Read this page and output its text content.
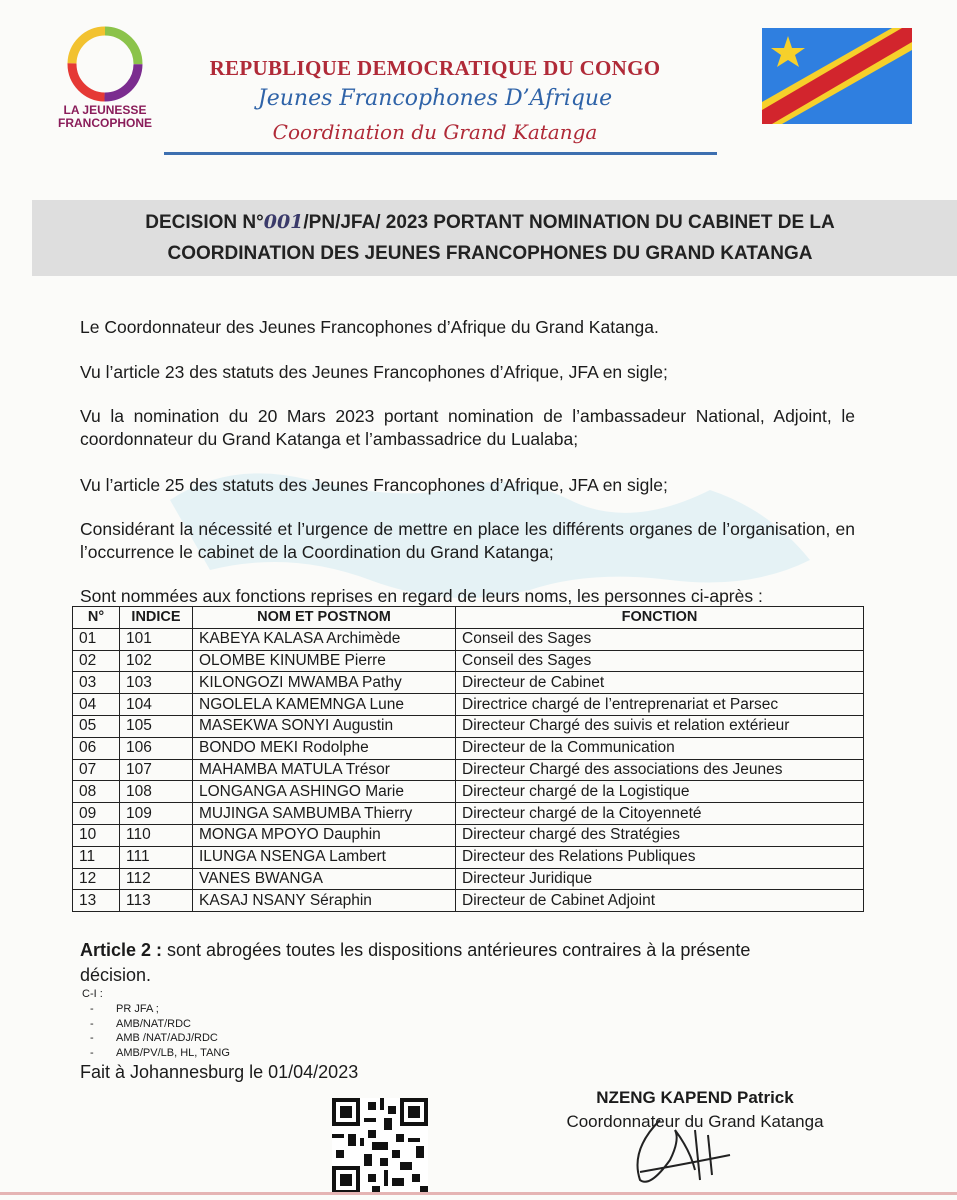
LA JEUNESSE
FRANCOPHONE
REPUBLIQUE DEMOCRATIQUE DU CONGO
Jeunes Francophones D’Afrique
Coordination du Grand Katanga
DECISION N°001/PN/JFA/ 2023 PORTANT NOMINATION DU CABINET DE LA
COORDINATION DES JEUNES FRANCOPHONES DU GRAND KATANGA
Le Coordonnateur des Jeunes Francophones d’Afrique du Grand Katanga.
Vu l’article 23 des statuts des Jeunes Francophones d’Afrique, JFA en sigle;
Vu la nomination du 20 Mars 2023 portant nomination de l’ambassadeur National, Adjoint, le coordonnateur du Grand Katanga et l’ambassadrice du Lualaba;
Vu l’article 25 des statuts des Jeunes Francophones d’Afrique, JFA en sigle;
Considérant la nécessité et l’urgence de mettre en place les différents organes de l’organisation, en l’occurrence le cabinet de la Coordination du Grand Katanga;
Sont nommées aux fonctions reprises en regard de leurs noms, les personnes ci-après :
N°	INDICE	NOM ET POSTNOM	FONCTION
01	101	KABEYA KALASA Archimède	Conseil des Sages
02	102	OLOMBE KINUMBE Pierre	Conseil des Sages
03	103	KILONGOZI MWAMBA Pathy	Directeur de Cabinet
04	104	NGOLELA KAMEMNGA Lune	Directrice chargé de l’entreprenariat et Parsec
05	105	MASEKWA SONYI Augustin	Directeur Chargé des suivis et relation extérieur
06	106	BONDO MEKI Rodolphe	Directeur de la Communication
07	107	MAHAMBA MATULA Trésor	Directeur Chargé des associations des Jeunes
08	108	LONGANGA ASHINGO Marie	Directeur chargé de la Logistique
09	109	MUJINGA SAMBUMBA Thierry	Directeur chargé de la Citoyenneté
10	110	MONGA MPOYO Dauphin	Directeur chargé des Stratégies
11	111	ILUNGA NSENGA Lambert	Directeur des Relations Publiques
12	112	VANES BWANGA	Directeur Juridique
13	113	KASAJ NSANY Séraphin	Directeur de Cabinet Adjoint
Article 2 : sont abrogées toutes les dispositions antérieures contraires à la présente décision.
C-I :
- PR JFA ;
- AMB/NAT/RDC
- AMB /NAT/ADJ/RDC
- AMB/PV/LB, HL, TANG
Fait à Johannesburg le 01/04/2023
NZENG KAPEND Patrick
Coordonnateur du Grand Katanga
